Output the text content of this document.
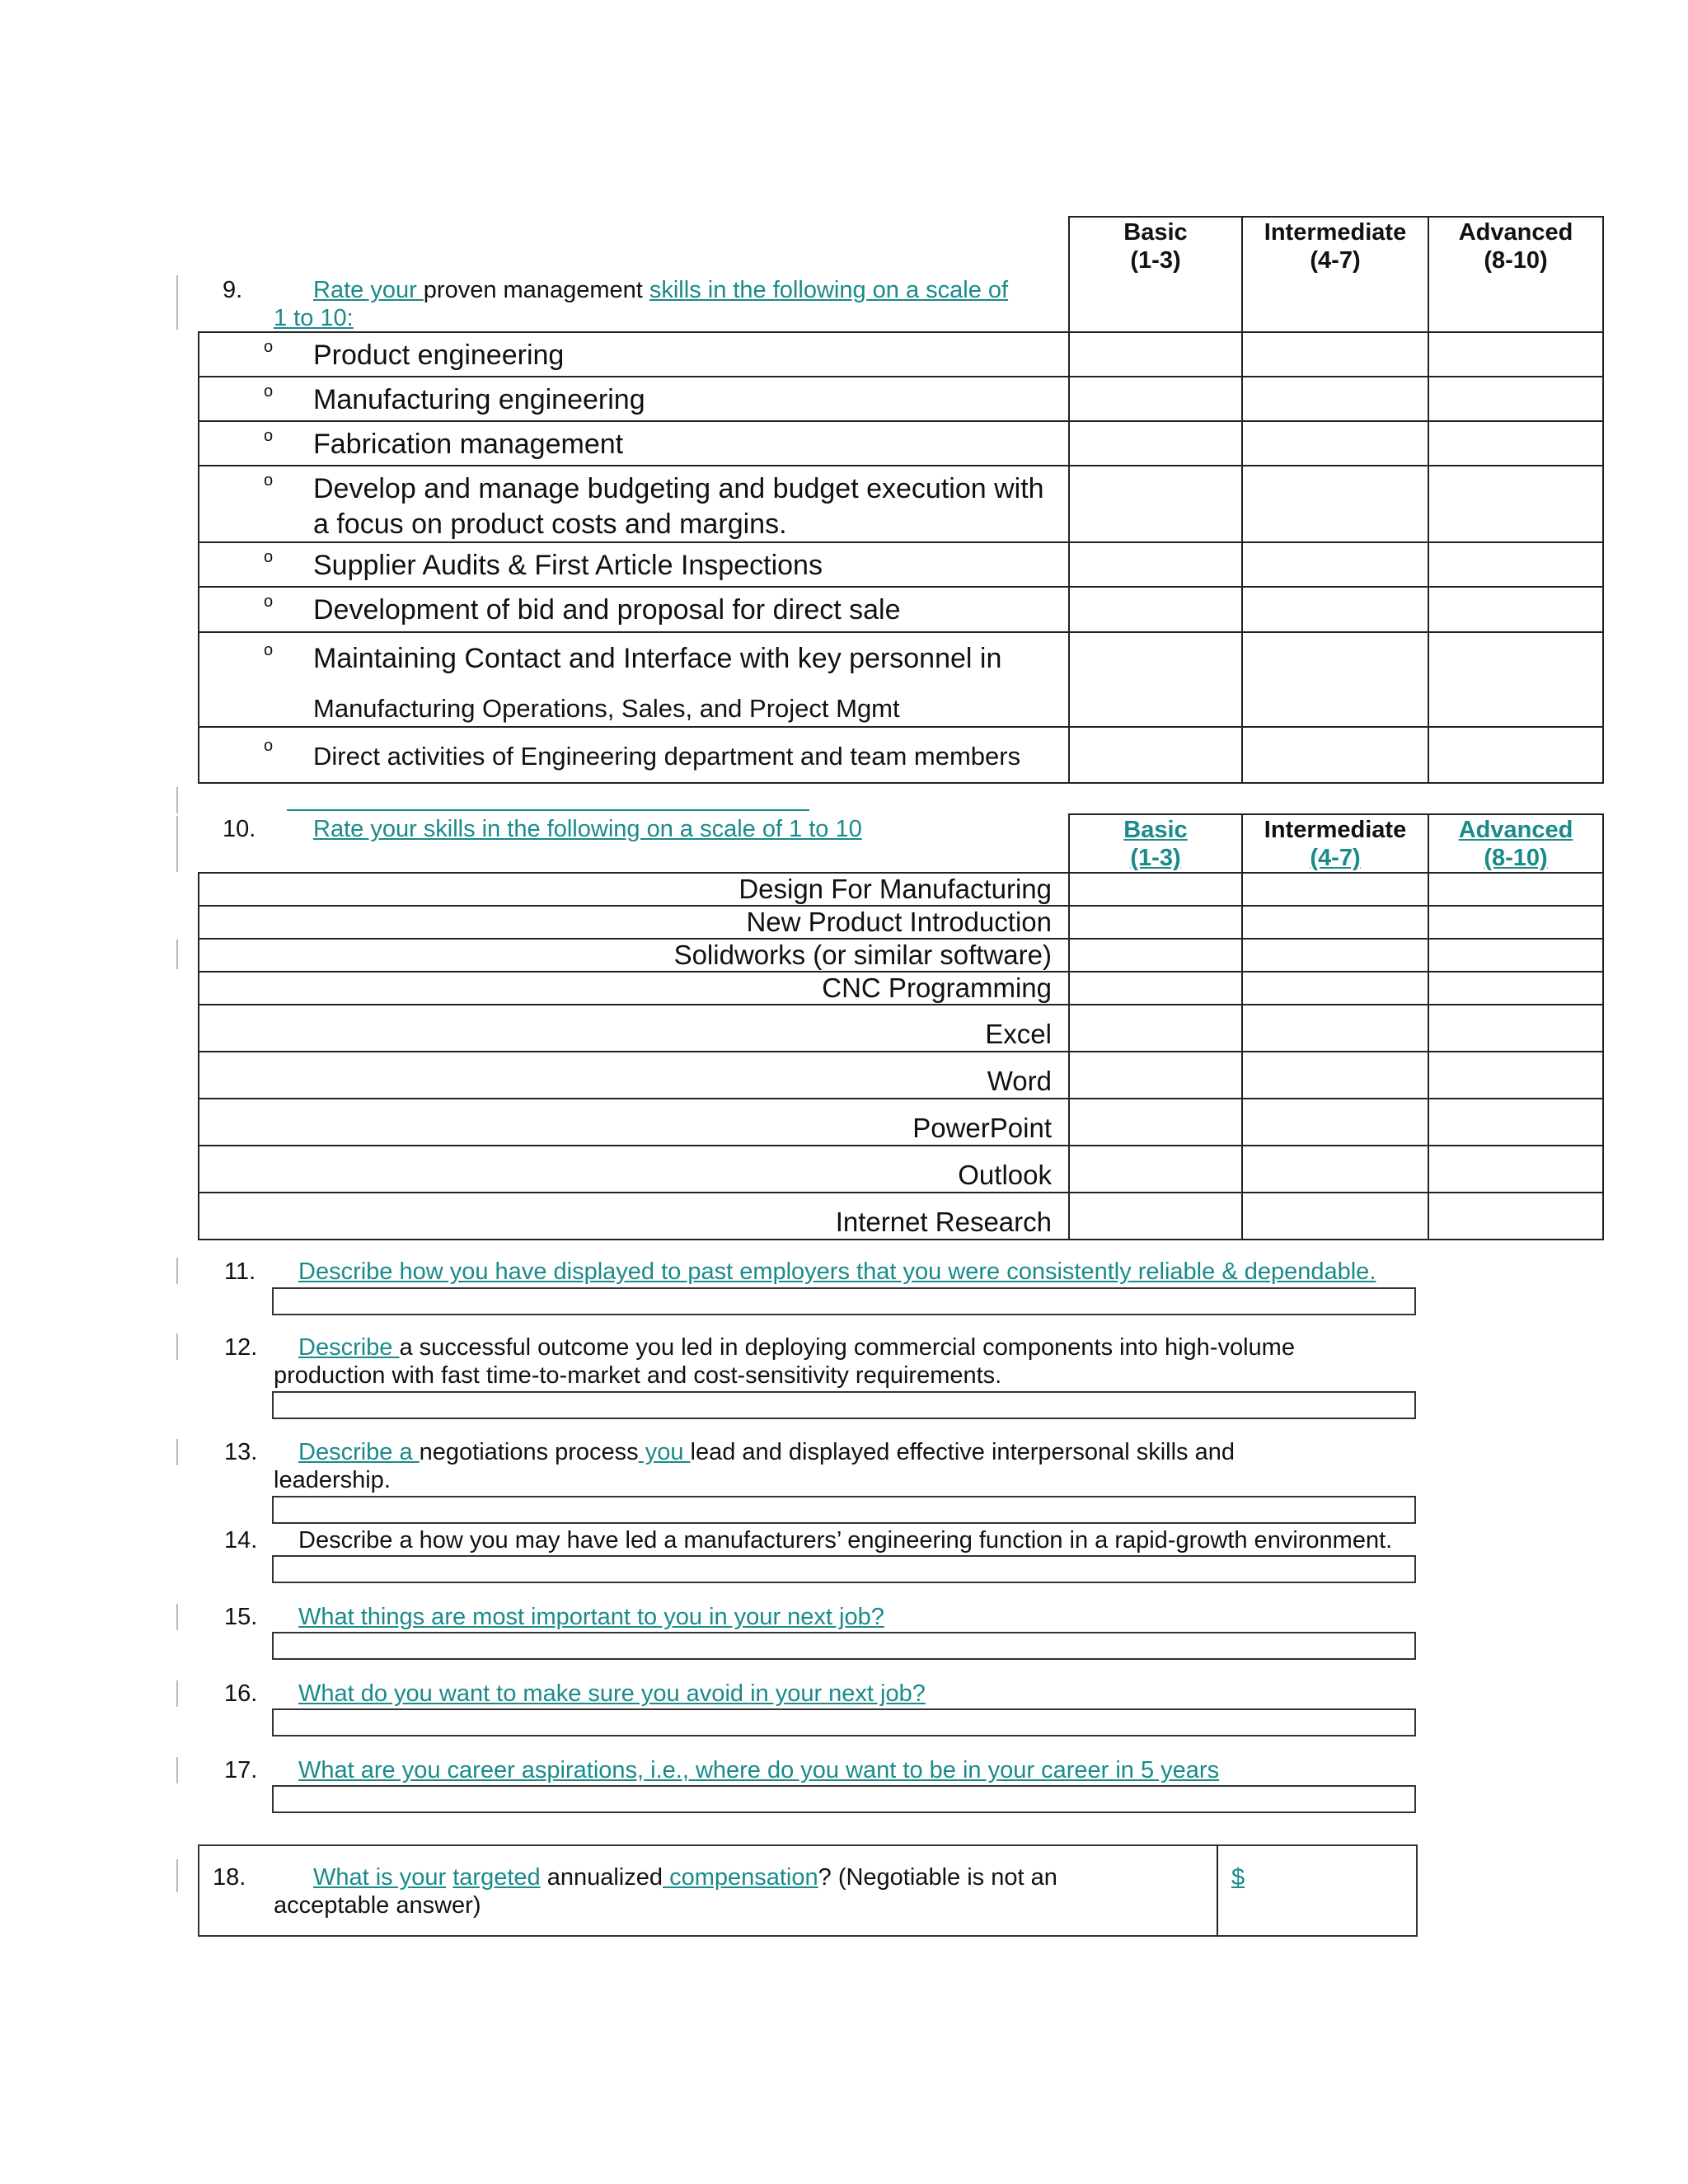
Basic
(1-3)
Intermediate
(4-7)
Advanced
(8-10)
9.	Rate your proven management skills in the following on a scale of
1 to 10:
o Product engineering
o Manufacturing engineering
o Fabrication management
o Develop and manage budgeting and budget execution with
a focus on product costs and margins.
o Supplier Audits & First Article Inspections
o Development of bid and proposal for direct sale
o Maintaining Contact and Interface with key personnel in
Manufacturing Operations, Sales, and Project Mgmt
o Direct activities of Engineering department and team members
10. Rate your skills in the following on a scale of 1 to 10	Basic
(1-3)
Intermediate
(4-7)
Advanced
(8-10)
Design For Manufacturing
New Product Introduction
Solidworks (or similar software)
CNC Programming
Excel
Word
PowerPoint
Outlook
Internet Research
11. Describe how you have displayed to past employers that you were consistently reliable & dependable.
12. Describe a successful outcome you led in deploying commercial components into high-volume
production with fast time-to-market and cost-sensitivity requirements.
13. Describe a negotiations process you lead and displayed effective interpersonal skills and
leadership.
14. Describe a how you may have led a manufacturers’ engineering function in a rapid-growth environment.
15. What things are most important to you in your next job?
16. What do you want to make sure you avoid in your next job?
17. What are you career aspirations, i.e., where do you want to be in your career in 5 years
18.	What is your targeted annualized compensation? (Negotiable is not an
acceptable answer)
$
